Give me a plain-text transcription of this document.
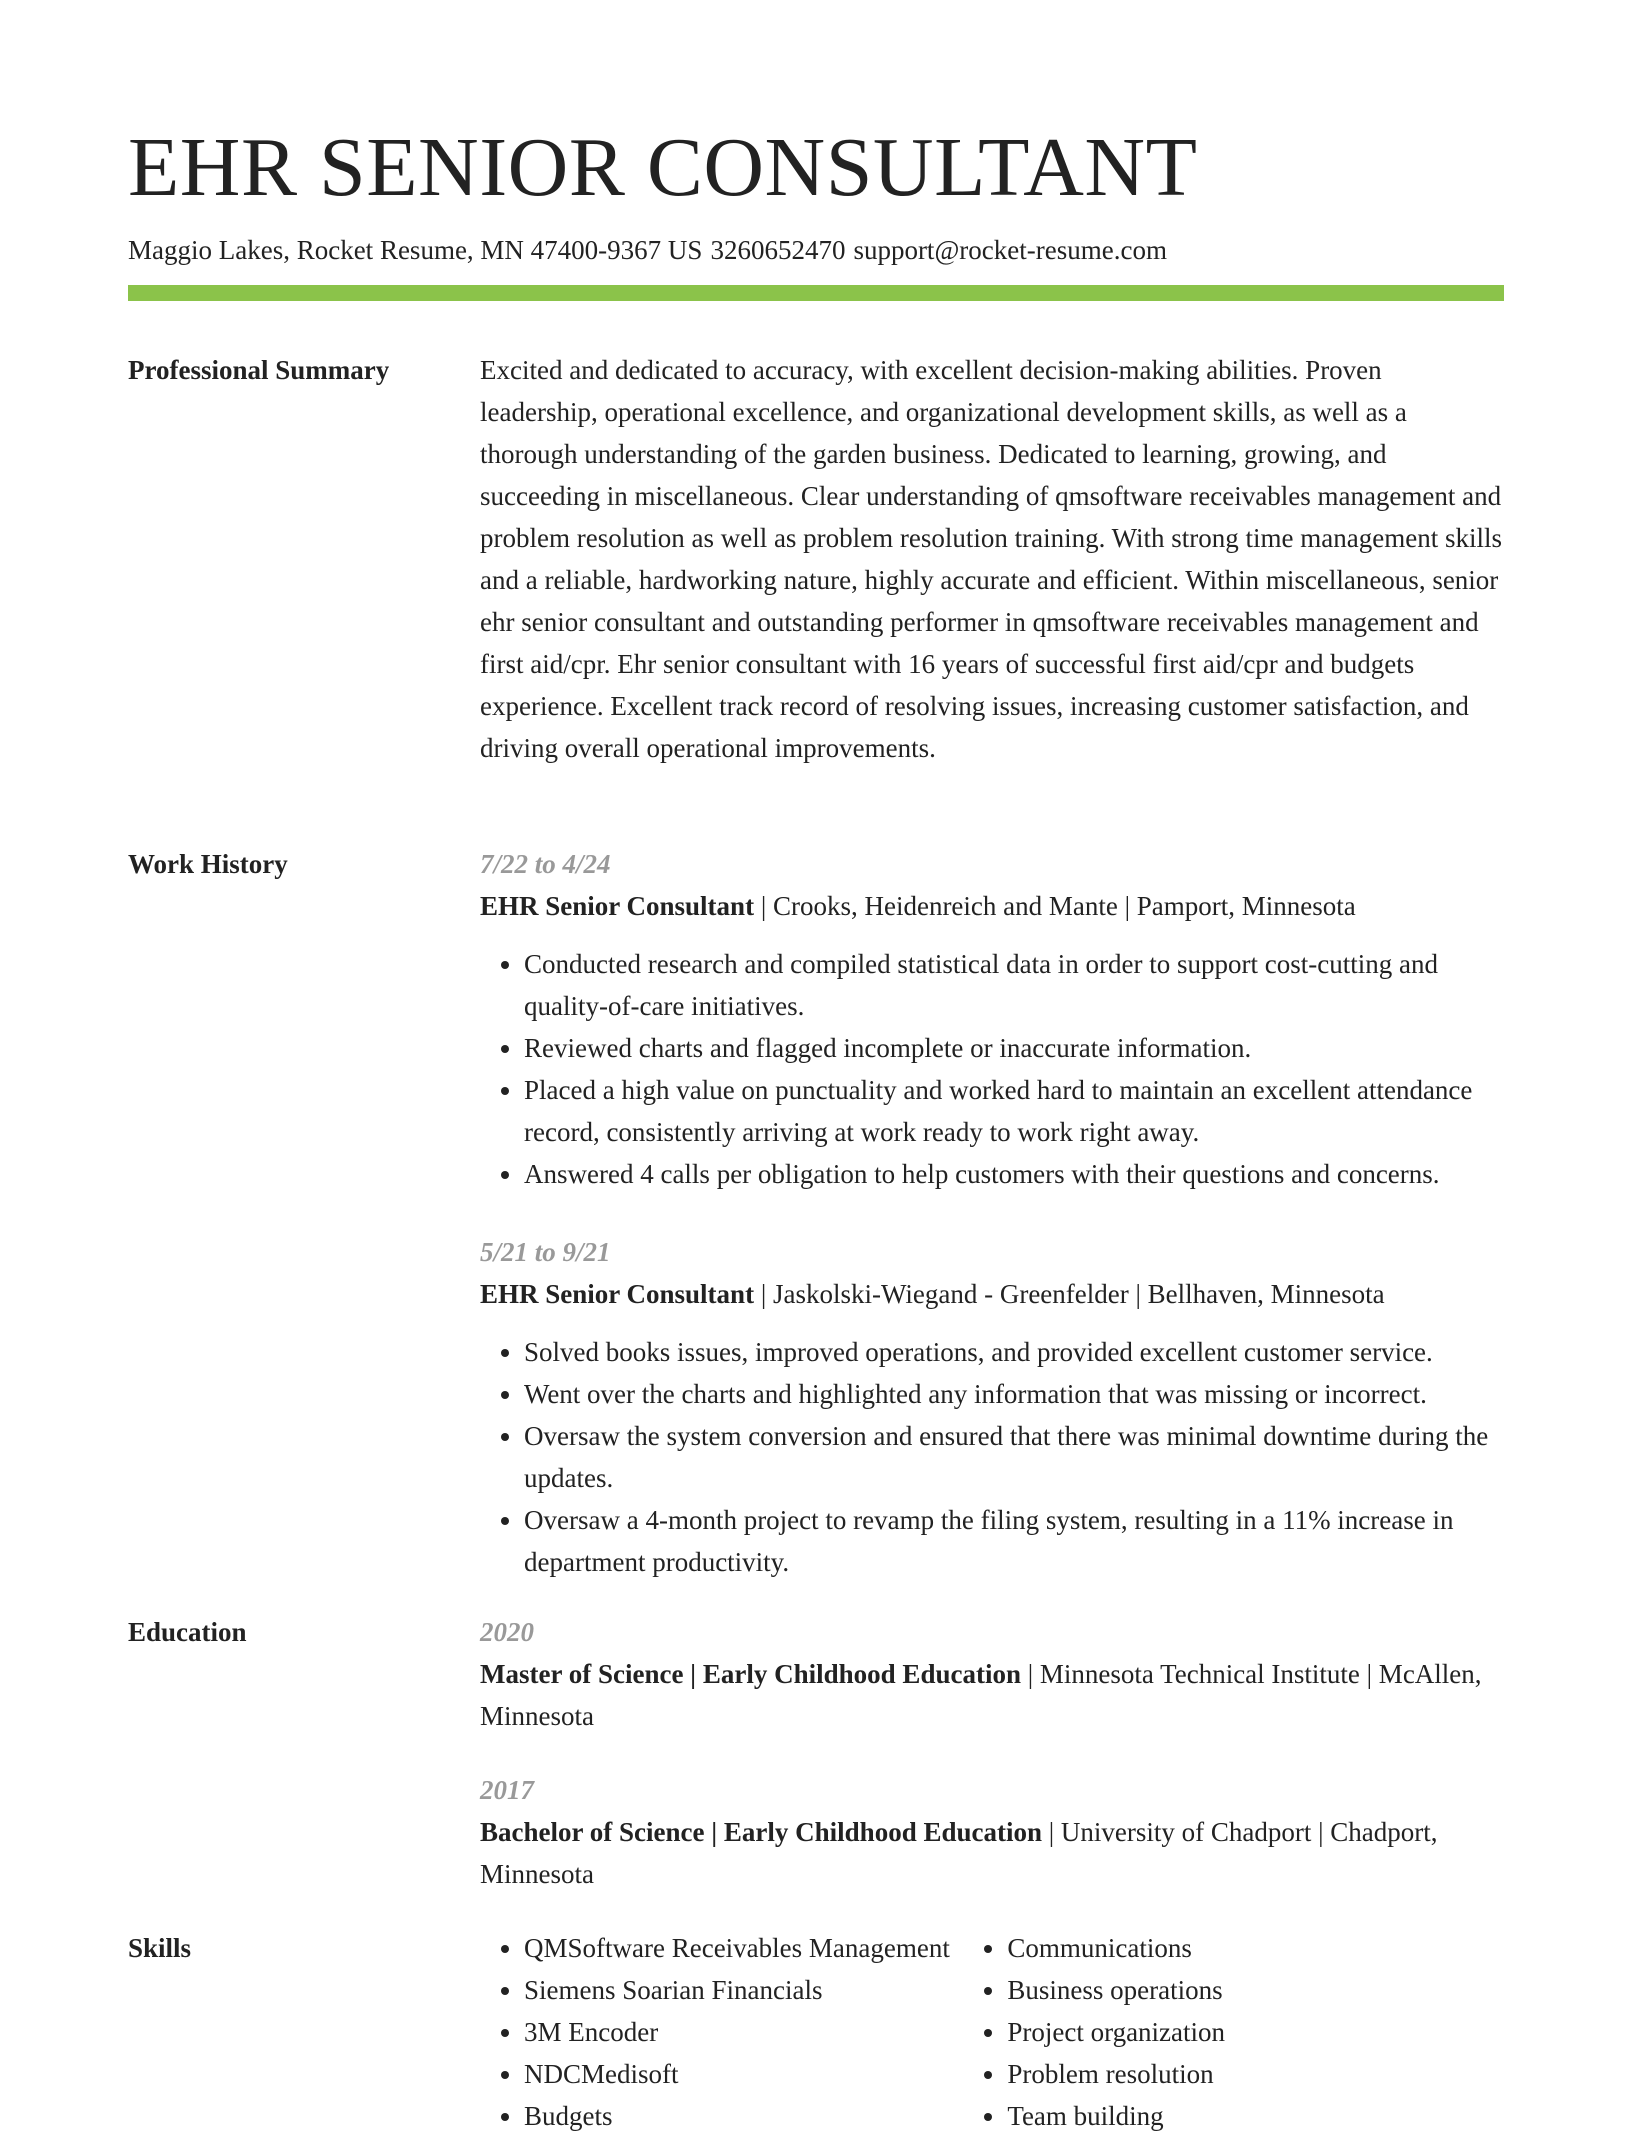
EHR SENIOR CONSULTANT
Maggio Lakes, Rocket Resume, MN 47400-9367 US 3260652470 support@rocket-resume.com
Professional Summary	Excited and dedicated to accuracy, with excellent decision-making abilities. Proven leadership, operational excellence, and organizational development skills, as well as a thorough understanding of the garden business. Dedicated to learning, growing, and succeeding in miscellaneous. Clear understanding of qmsoftware receivables management and problem resolution as well as problem resolution training. With strong time management skills and a reliable, hardworking nature, highly accurate and efficient. Within miscellaneous, senior ehr senior consultant and outstanding performer in qmsoftware receivables management and first aid/cpr. Ehr senior consultant with 16 years of successful first aid/cpr and budgets experience. Excellent track record of resolving issues, increasing customer satisfaction, and driving overall operational improvements.

Work History	7/22 to 4/24
EHR Senior Consultant | Crooks, Heidenreich and Mante | Pamport, Minnesota
• Conducted research and compiled statistical data in order to support cost-cutting and quality-of-care initiatives.
• Reviewed charts and flagged incomplete or inaccurate information.
• Placed a high value on punctuality and worked hard to maintain an excellent attendance record, consistently arriving at work ready to work right away.
• Answered 4 calls per obligation to help customers with their questions and concerns.
5/21 to 9/21
EHR Senior Consultant | Jaskolski-Wiegand - Greenfelder | Bellhaven, Minnesota
• Solved books issues, improved operations, and provided excellent customer service.
• Went over the charts and highlighted any information that was missing or incorrect.
• Oversaw the system conversion and ensured that there was minimal downtime during the updates.
• Oversaw a 4-month project to revamp the filing system, resulting in a 11% increase in department productivity.
Education	2020
Master of Science | Early Childhood Education | Minnesota Technical Institute | McAllen, Minnesota
2017
Bachelor of Science | Early Childhood Education | University of Chadport | Chadport, Minnesota
Skills
•	QMSoftware Receivables Management
• Siemens Soarian Financials
• 3M Encoder
• NDCMedisoft
• Budgets
• Communications
• Business operations
• Project organization
• Problem resolution
• Team building
